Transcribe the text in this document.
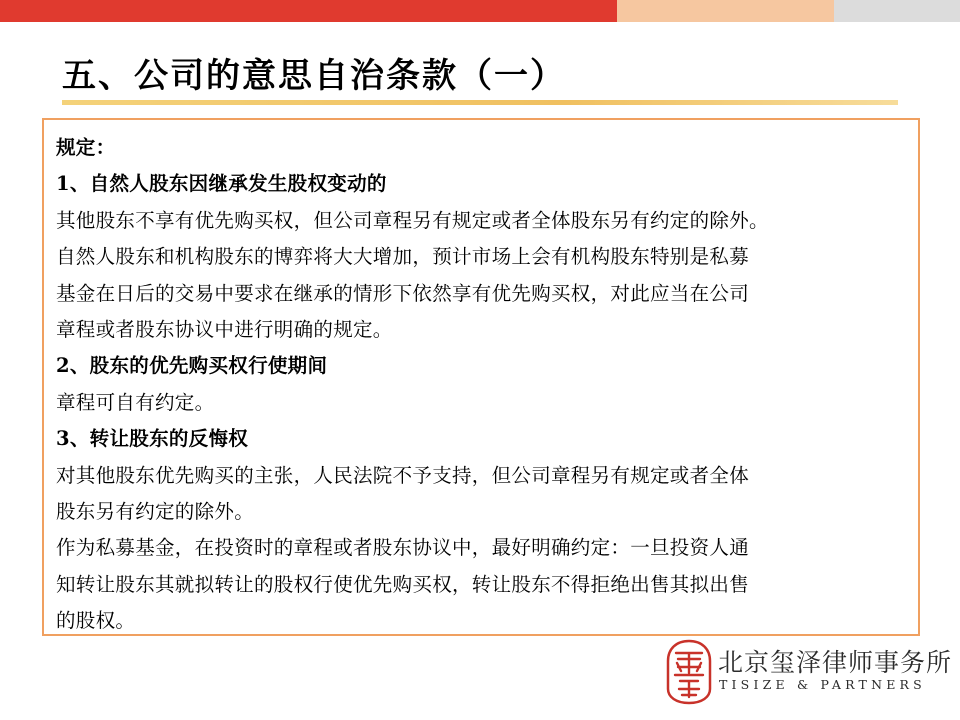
五、公司的意思自治条款（一）
规定：
1、自然人股东因继承发生股权变动的
其他股东不享有优先购买权，但公司章程另有规定或者全体股东另有约定的除外。
自然人股东和机构股东的博弈将大大增加，预计市场上会有机构股东特别是私募
基金在日后的交易中要求在继承的情形下依然享有优先购买权，对此应当在公司
章程或者股东协议中进行明确的规定。
2、股东的优先购买权行使期间
章程可自有约定。
3、转让股东的反悔权
对其他股东优先购买的主张，人民法院不予支持，但公司章程另有规定或者全体
股东另有约定的除外。
作为私募基金，在投资时的章程或者股东协议中，最好明确约定：一旦投资人通
知转让股东其就拟转让的股权行使优先购买权，转让股东不得拒绝出售其拟出售
的股权。
北京玺泽律师事务所
TISIZE & PARTNERS
